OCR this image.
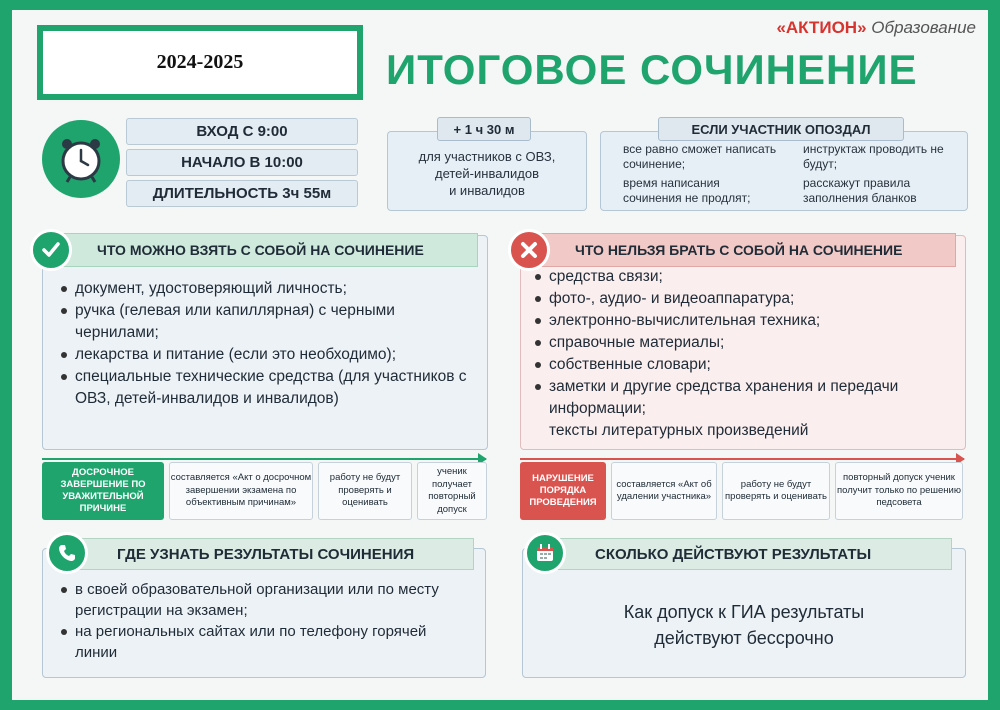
2024-2025
«АКТИОН» Образование
ИТОГОВОЕ СОЧИНЕНИЕ
ВХОД С 9:00
НАЧАЛО В 10:00
ДЛИТЕЛЬНОСТЬ 3ч 55м
для участников с ОВЗ,
детей-инвалидов
и инвалидов
+ 1 ч 30 м
все равно сможет написать сочинение;
время написания сочинения не продлят;
инструктаж проводить не будут;
расскажут правила заполнения бланков
ЕСЛИ УЧАСТНИК ОПОЗДАЛ
документ, удостоверяющий личность;
ручка (гелевая или капиллярная) с черными чернилами;
лекарства и питание (если это необходимо);
специальные технические средства (для участников с ОВЗ, детей-инвалидов и инвалидов)
ЧТО МОЖНО ВЗЯТЬ С СОБОЙ НА СОЧИНЕНИЕ
средства связи;
фото-, аудио- и видеоаппаратура;
электронно-вычислительная техника;
справочные материалы;
собственные словари;
заметки и другие средства хранения и передачи информации;
тексты литературных произведений
ЧТО НЕЛЬЗЯ БРАТЬ С СОБОЙ НА СОЧИНЕНИЕ
ДОСРОЧНОЕ ЗАВЕРШЕНИЕ ПО УВАЖИТЕЛЬНОЙ ПРИЧИНЕ
составляется «Акт о досрочном завершении экзамена по объективным причинам»
работу не будут проверять и оценивать
ученик получает повторный допуск
НАРУШЕНИЕ ПОРЯДКА ПРОВЕДЕНИЯ
составляется «Акт об удалении участника»
работу не будут проверять и оценивать
повторный допуск ученик получит только по решению педсовета
в своей образовательной организации или по месту регистрации на экзамен;
на региональных сайтах или по телефону горячей линии
ГДЕ УЗНАТЬ РЕЗУЛЬТАТЫ СОЧИНЕНИЯ
Как допуск к ГИА результаты
действуют бессрочно
СКОЛЬКО ДЕЙСТВУЮТ РЕЗУЛЬТАТЫ
